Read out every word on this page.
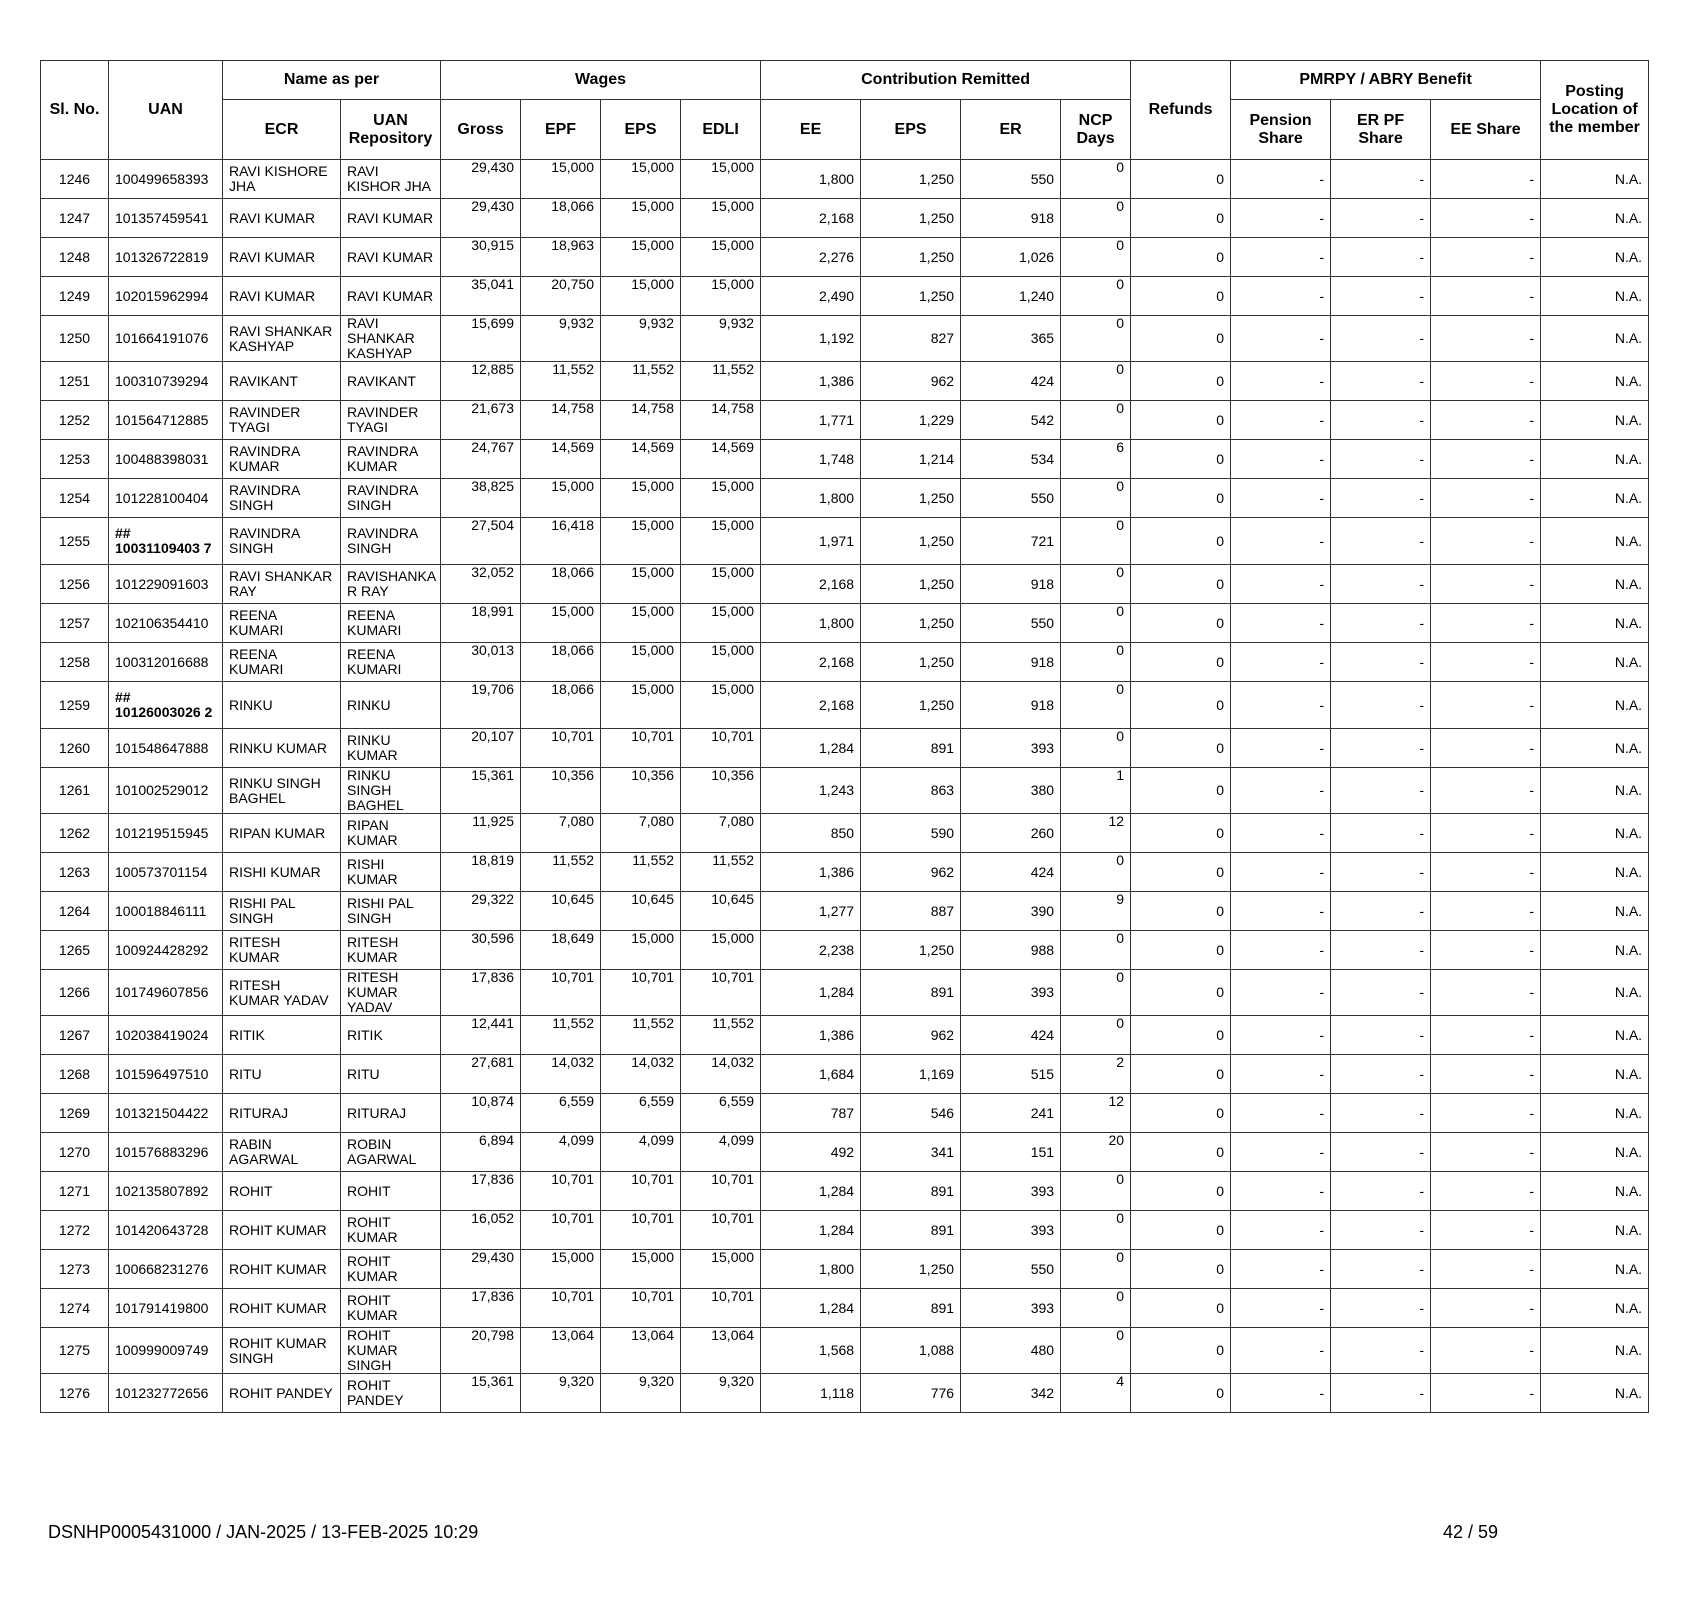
Sl. No.	UAN	Name as per		Wages				Contribution Remitted				Refunds	PMRPY / ABRY Benefit			Posting Location of the member
		ECR	UAN Repository	Gross	EPF	EPS	EDLI	EE	EPS	ER	NCP Days		Pension Share	ER PF Share	EE Share	
1246	100499658393	RAVI KISHORE JHA	RAVI KISHOR JHA	29,430	15,000	15,000	15,000	1,800	1,250	550	0	0	-	-	-	N.A.
1247	101357459541	RAVI KUMAR	RAVI KUMAR	29,430	18,066	15,000	15,000	2,168	1,250	918	0	0	-	-	-	N.A.
1248	101326722819	RAVI KUMAR	RAVI KUMAR	30,915	18,963	15,000	15,000	2,276	1,250	1,026	0	0	-	-	-	N.A.
1249	102015962994	RAVI KUMAR	RAVI KUMAR	35,041	20,750	15,000	15,000	2,490	1,250	1,240	0	0	-	-	-	N.A.
1250	101664191076	RAVI SHANKAR KASHYAP	RAVI SHANKAR KASHYAP	15,699	9,932	9,932	9,932	1,192	827	365	0	0	-	-	-	N.A.
1251	100310739294	RAVIKANT	RAVIKANT	12,885	11,552	11,552	11,552	1,386	962	424	0	0	-	-	-	N.A.
1252	101564712885	RAVINDER TYAGI	RAVINDER TYAGI	21,673	14,758	14,758	14,758	1,771	1,229	542	0	0	-	-	-	N.A.
1253	100488398031	RAVINDRA KUMAR	RAVINDRA KUMAR	24,767	14,569	14,569	14,569	1,748	1,214	534	6	0	-	-	-	N.A.
1254	101228100404	RAVINDRA SINGH	RAVINDRA SINGH	38,825	15,000	15,000	15,000	1,800	1,250	550	0	0	-	-	-	N.A.
1255	## 10031109403 7	RAVINDRA SINGH	RAVINDRA SINGH	27,504	16,418	15,000	15,000	1,971	1,250	721	0	0	-	-	-	N.A.
1256	101229091603	RAVI SHANKAR RAY	RAVISHANKA R RAY	32,052	18,066	15,000	15,000	2,168	1,250	918	0	0	-	-	-	N.A.
1257	102106354410	REENA KUMARI	REENA KUMARI	18,991	15,000	15,000	15,000	1,800	1,250	550	0	0	-	-	-	N.A.
1258	100312016688	REENA KUMARI	REENA KUMARI	30,013	18,066	15,000	15,000	2,168	1,250	918	0	0	-	-	-	N.A.
1259	## 10126003026 2	RINKU	RINKU	19,706	18,066	15,000	15,000	2,168	1,250	918	0	0	-	-	-	N.A.
1260	101548647888	RINKU KUMAR	RINKU KUMAR	20,107	10,701	10,701	10,701	1,284	891	393	0	0	-	-	-	N.A.
1261	101002529012	RINKU SINGH BAGHEL	RINKU SINGH BAGHEL	15,361	10,356	10,356	10,356	1,243	863	380	1	0	-	-	-	N.A.
1262	101219515945	RIPAN KUMAR	RIPAN KUMAR	11,925	7,080	7,080	7,080	850	590	260	12	0	-	-	-	N.A.
1263	100573701154	RISHI KUMAR	RISHI KUMAR	18,819	11,552	11,552	11,552	1,386	962	424	0	0	-	-	-	N.A.
1264	100018846111	RISHI PAL SINGH	RISHI PAL SINGH	29,322	10,645	10,645	10,645	1,277	887	390	9	0	-	-	-	N.A.
1265	100924428292	RITESH KUMAR	RITESH KUMAR	30,596	18,649	15,000	15,000	2,238	1,250	988	0	0	-	-	-	N.A.
1266	101749607856	RITESH KUMAR YADAV	RITESH KUMAR YADAV	17,836	10,701	10,701	10,701	1,284	891	393	0	0	-	-	-	N.A.
1267	102038419024	RITIK	RITIK	12,441	11,552	11,552	11,552	1,386	962	424	0	0	-	-	-	N.A.
1268	101596497510	RITU	RITU	27,681	14,032	14,032	14,032	1,684	1,169	515	2	0	-	-	-	N.A.
1269	101321504422	RITURAJ	RITURAJ	10,874	6,559	6,559	6,559	787	546	241	12	0	-	-	-	N.A.
1270	101576883296	RABIN AGARWAL	ROBIN AGARWAL	6,894	4,099	4,099	4,099	492	341	151	20	0	-	-	-	N.A.
1271	102135807892	ROHIT	ROHIT	17,836	10,701	10,701	10,701	1,284	891	393	0	0	-	-	-	N.A.
1272	101420643728	ROHIT KUMAR	ROHIT KUMAR	16,052	10,701	10,701	10,701	1,284	891	393	0	0	-	-	-	N.A.
1273	100668231276	ROHIT KUMAR	ROHIT KUMAR	29,430	15,000	15,000	15,000	1,800	1,250	550	0	0	-	-	-	N.A.
1274	101791419800	ROHIT KUMAR	ROHIT KUMAR	17,836	10,701	10,701	10,701	1,284	891	393	0	0	-	-	-	N.A.
1275	100999009749	ROHIT KUMAR SINGH	ROHIT KUMAR SINGH	20,798	13,064	13,064	13,064	1,568	1,088	480	0	0	-	-	-	N.A.
1276	101232772656	ROHIT PANDEY	ROHIT PANDEY	15,361	9,320	9,320	9,320	1,118	776	342	4	0	-	-	-	N.A.
DSNHP0005431000 / JAN-2025 / 13-FEB-2025 10:29	42 / 59
